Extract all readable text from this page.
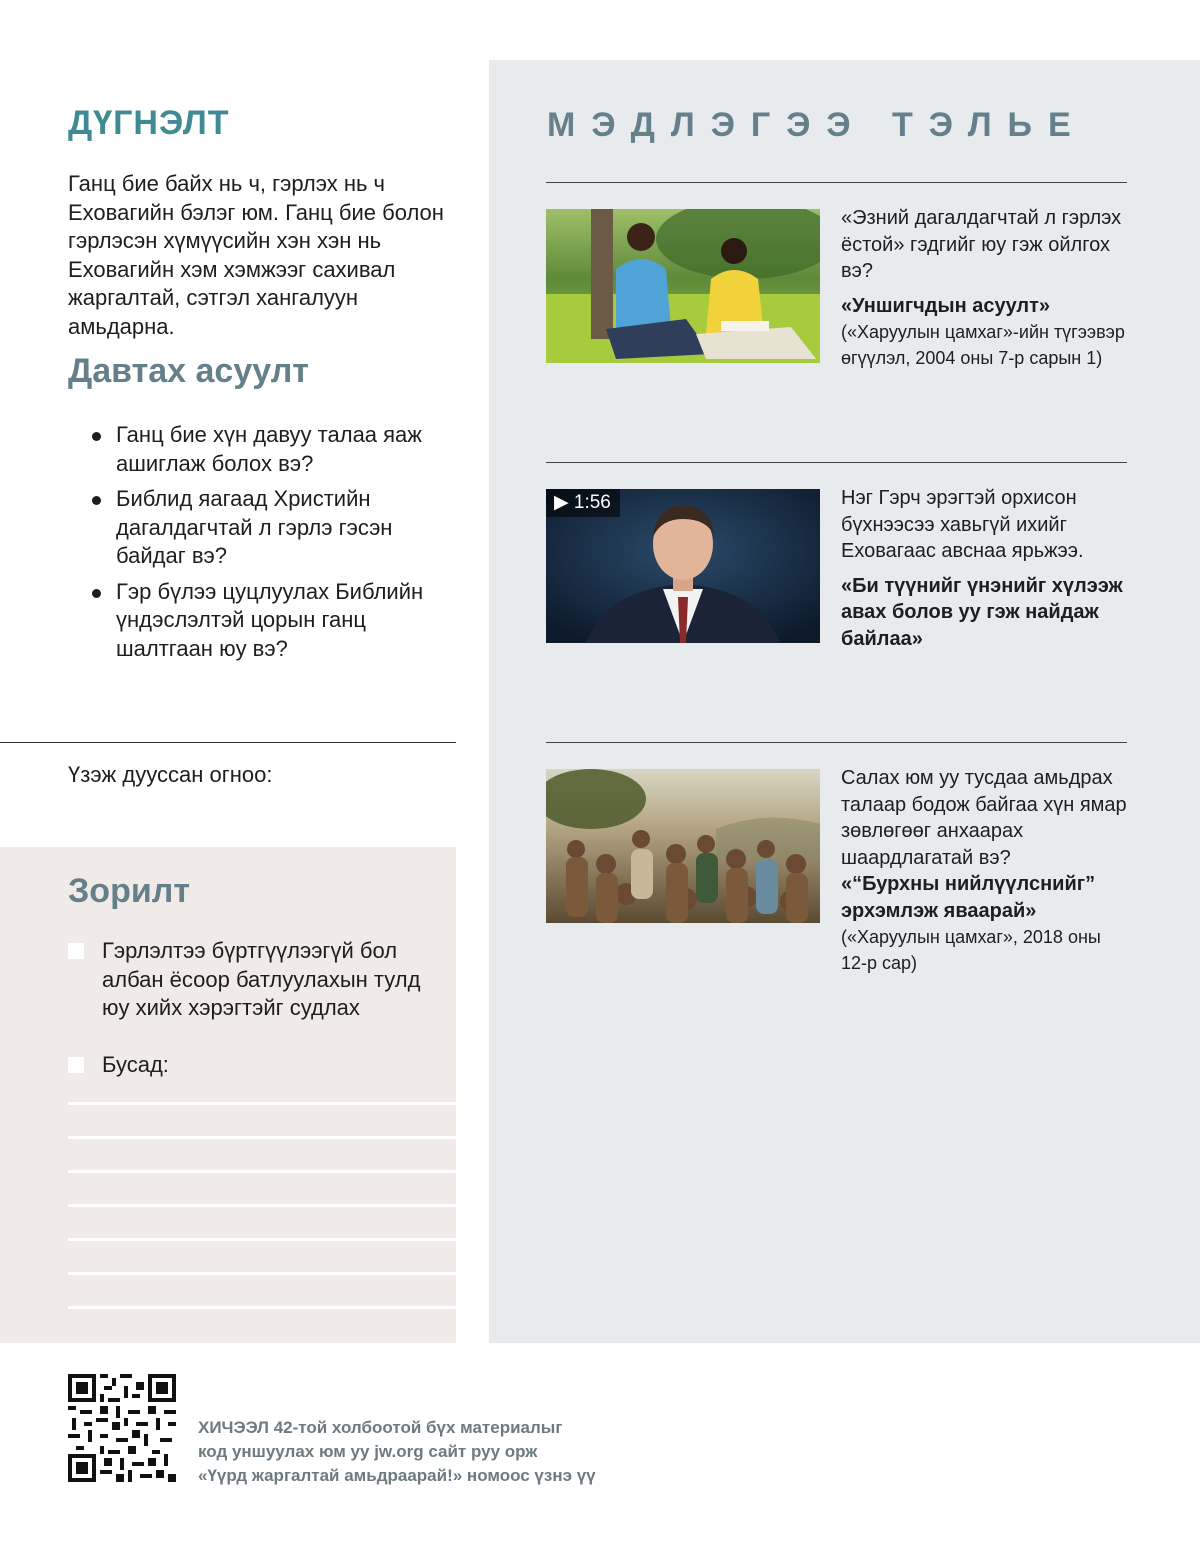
ДҮГНЭЛТ

Ганц бие байх нь ч, гэрлэх нь ч Еховагийн бэлэг юм. Ганц бие болон гэрлэсэн хүмүүсийн хэн хэн нь Еховагийн хэм хэмжээг сахивал жаргалтай, сэтгэл хангалуун амьдарна.

Давтах асуулт
Ганц бие хүн давуу талаа яаж ашиглаж болох вэ?
Библид яагаад Христийн дагалдагчтай л гэрлэ гэсэн байдаг вэ?
Гэр бүлээ цуцлуулах Библийн үндэслэлтэй цорын ганц шалтгаан юу вэ?
Үзэж дууссан огноо:
Зорилт
Гэрлэлтээ бүртгүүлээгүй бол албан ёсоор батлуулахын тулд юу хийх хэрэгтэйг судлах
Бусад:
МЭДЛЭГЭЭ ТЭЛЬЕ
«Эзний дагалдагчтай л гэрлэх ёстой» гэдгийг юу гэж ойлгох вэ?
«Уншигчдын асуулт»
(«Харуулын цамхаг»-ийн түгээвэр өгүүлэл, 2004 оны 7-р сарын 1)
▶︎ 1:56	Нэг Гэрч эрэгтэй орхисон бүхнээсээ хавьгүй ихийг Еховагаас авснаа ярьжээ.
«Би түүнийг үнэнийг хүлээж авах болов уу гэж найдаж байлаа»
Салах юм уу тусдаа амьдрах талаар бодож байгаа хүн ямар зөвлөгөөг анхаарах шаардлагатай вэ?
«“Бурхны нийлүүлснийг” эрхэмлэж яваарай» («Харуулын цамхаг», 2018 оны 12-р сар)
ХИЧЭЭЛ 42-той холбоотой бүх материалыг
код уншуулах юм уу jw.org сайт руу орж
«Үүрд жаргалтай амьдраарай!» номоос үзнэ үү
